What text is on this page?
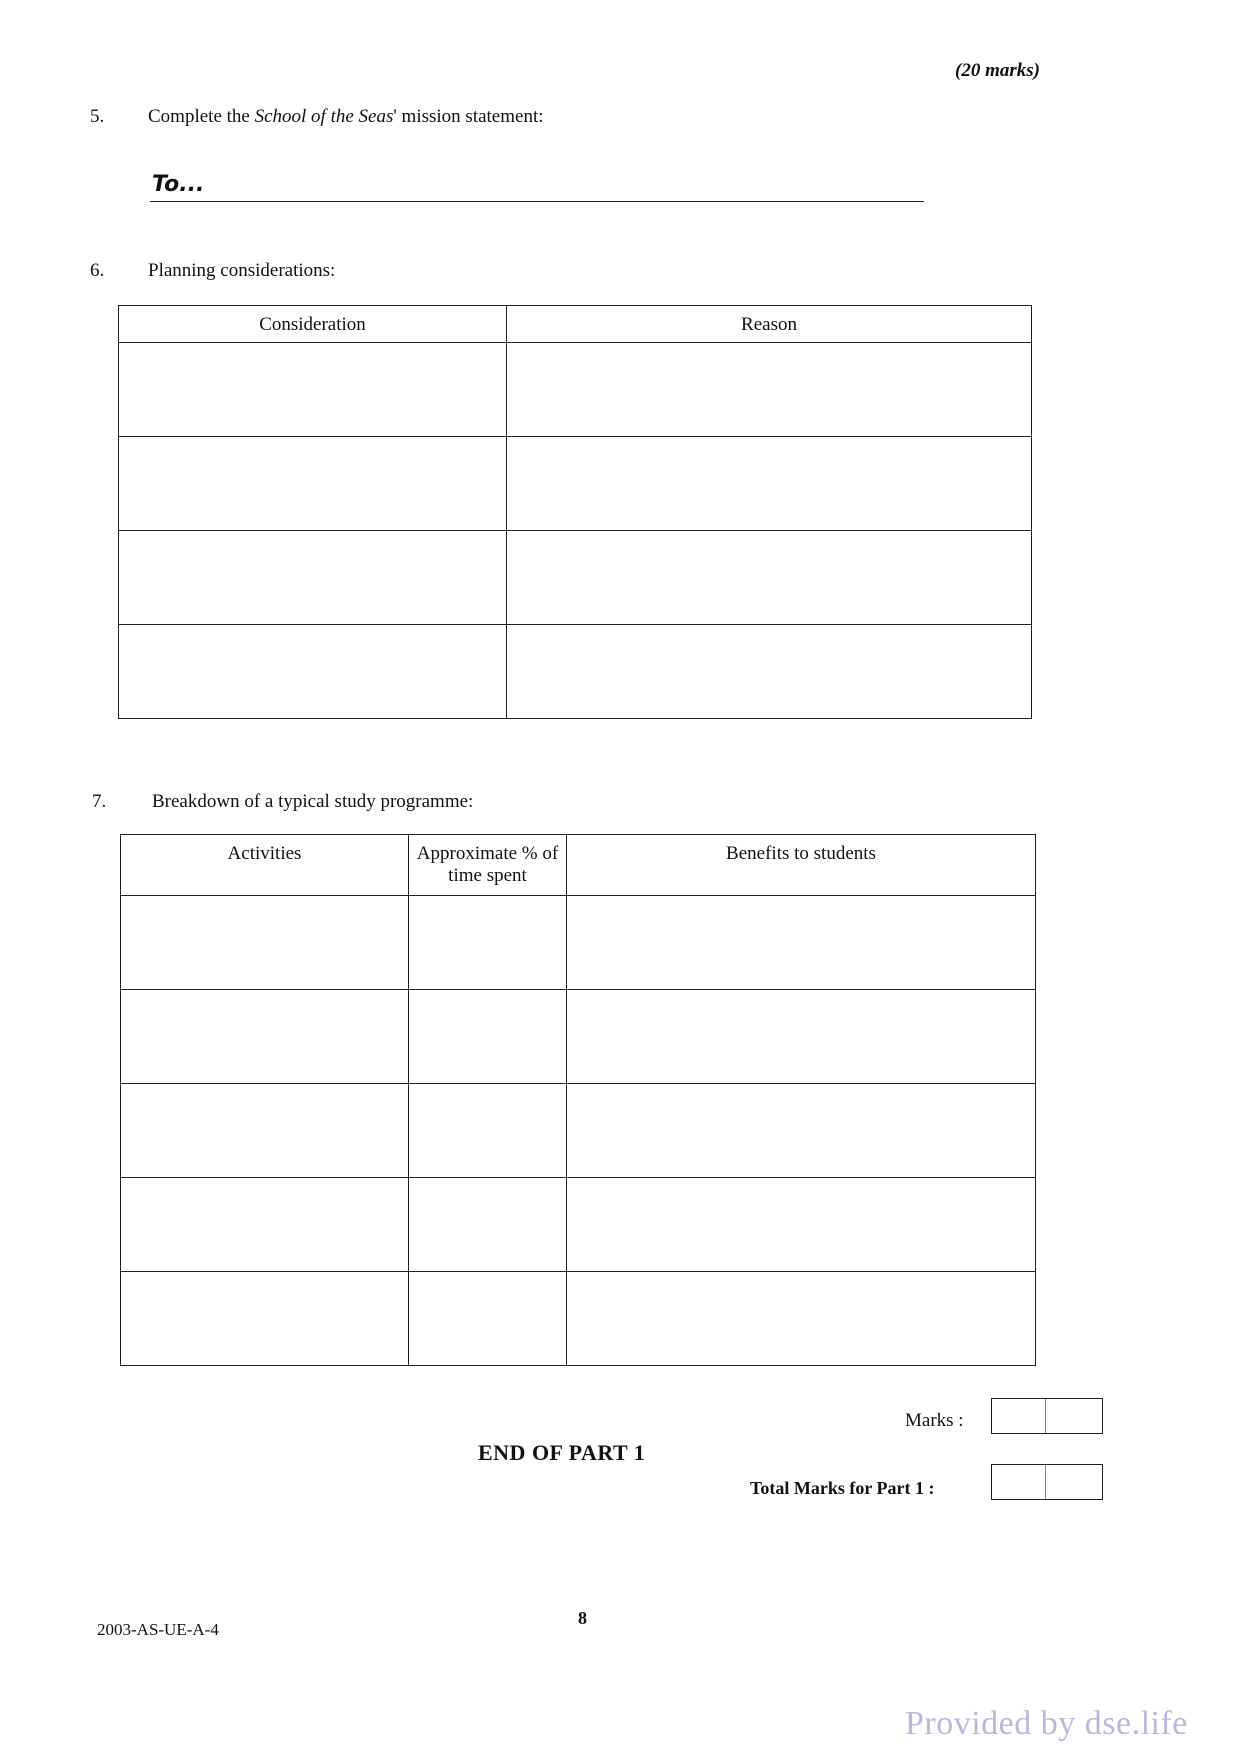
(20 marks)
5. Complete the School of the Seas' mission statement:
To...
6. Planning considerations:
Consideration	Reason

7. Breakdown of a typical study programme:
Activities	Approximate % of time spent	Benefits to students

Marks :
END OF PART 1
Total Marks for Part 1 :
2003-AS-UE-A-4
8
Provided by dse.life
